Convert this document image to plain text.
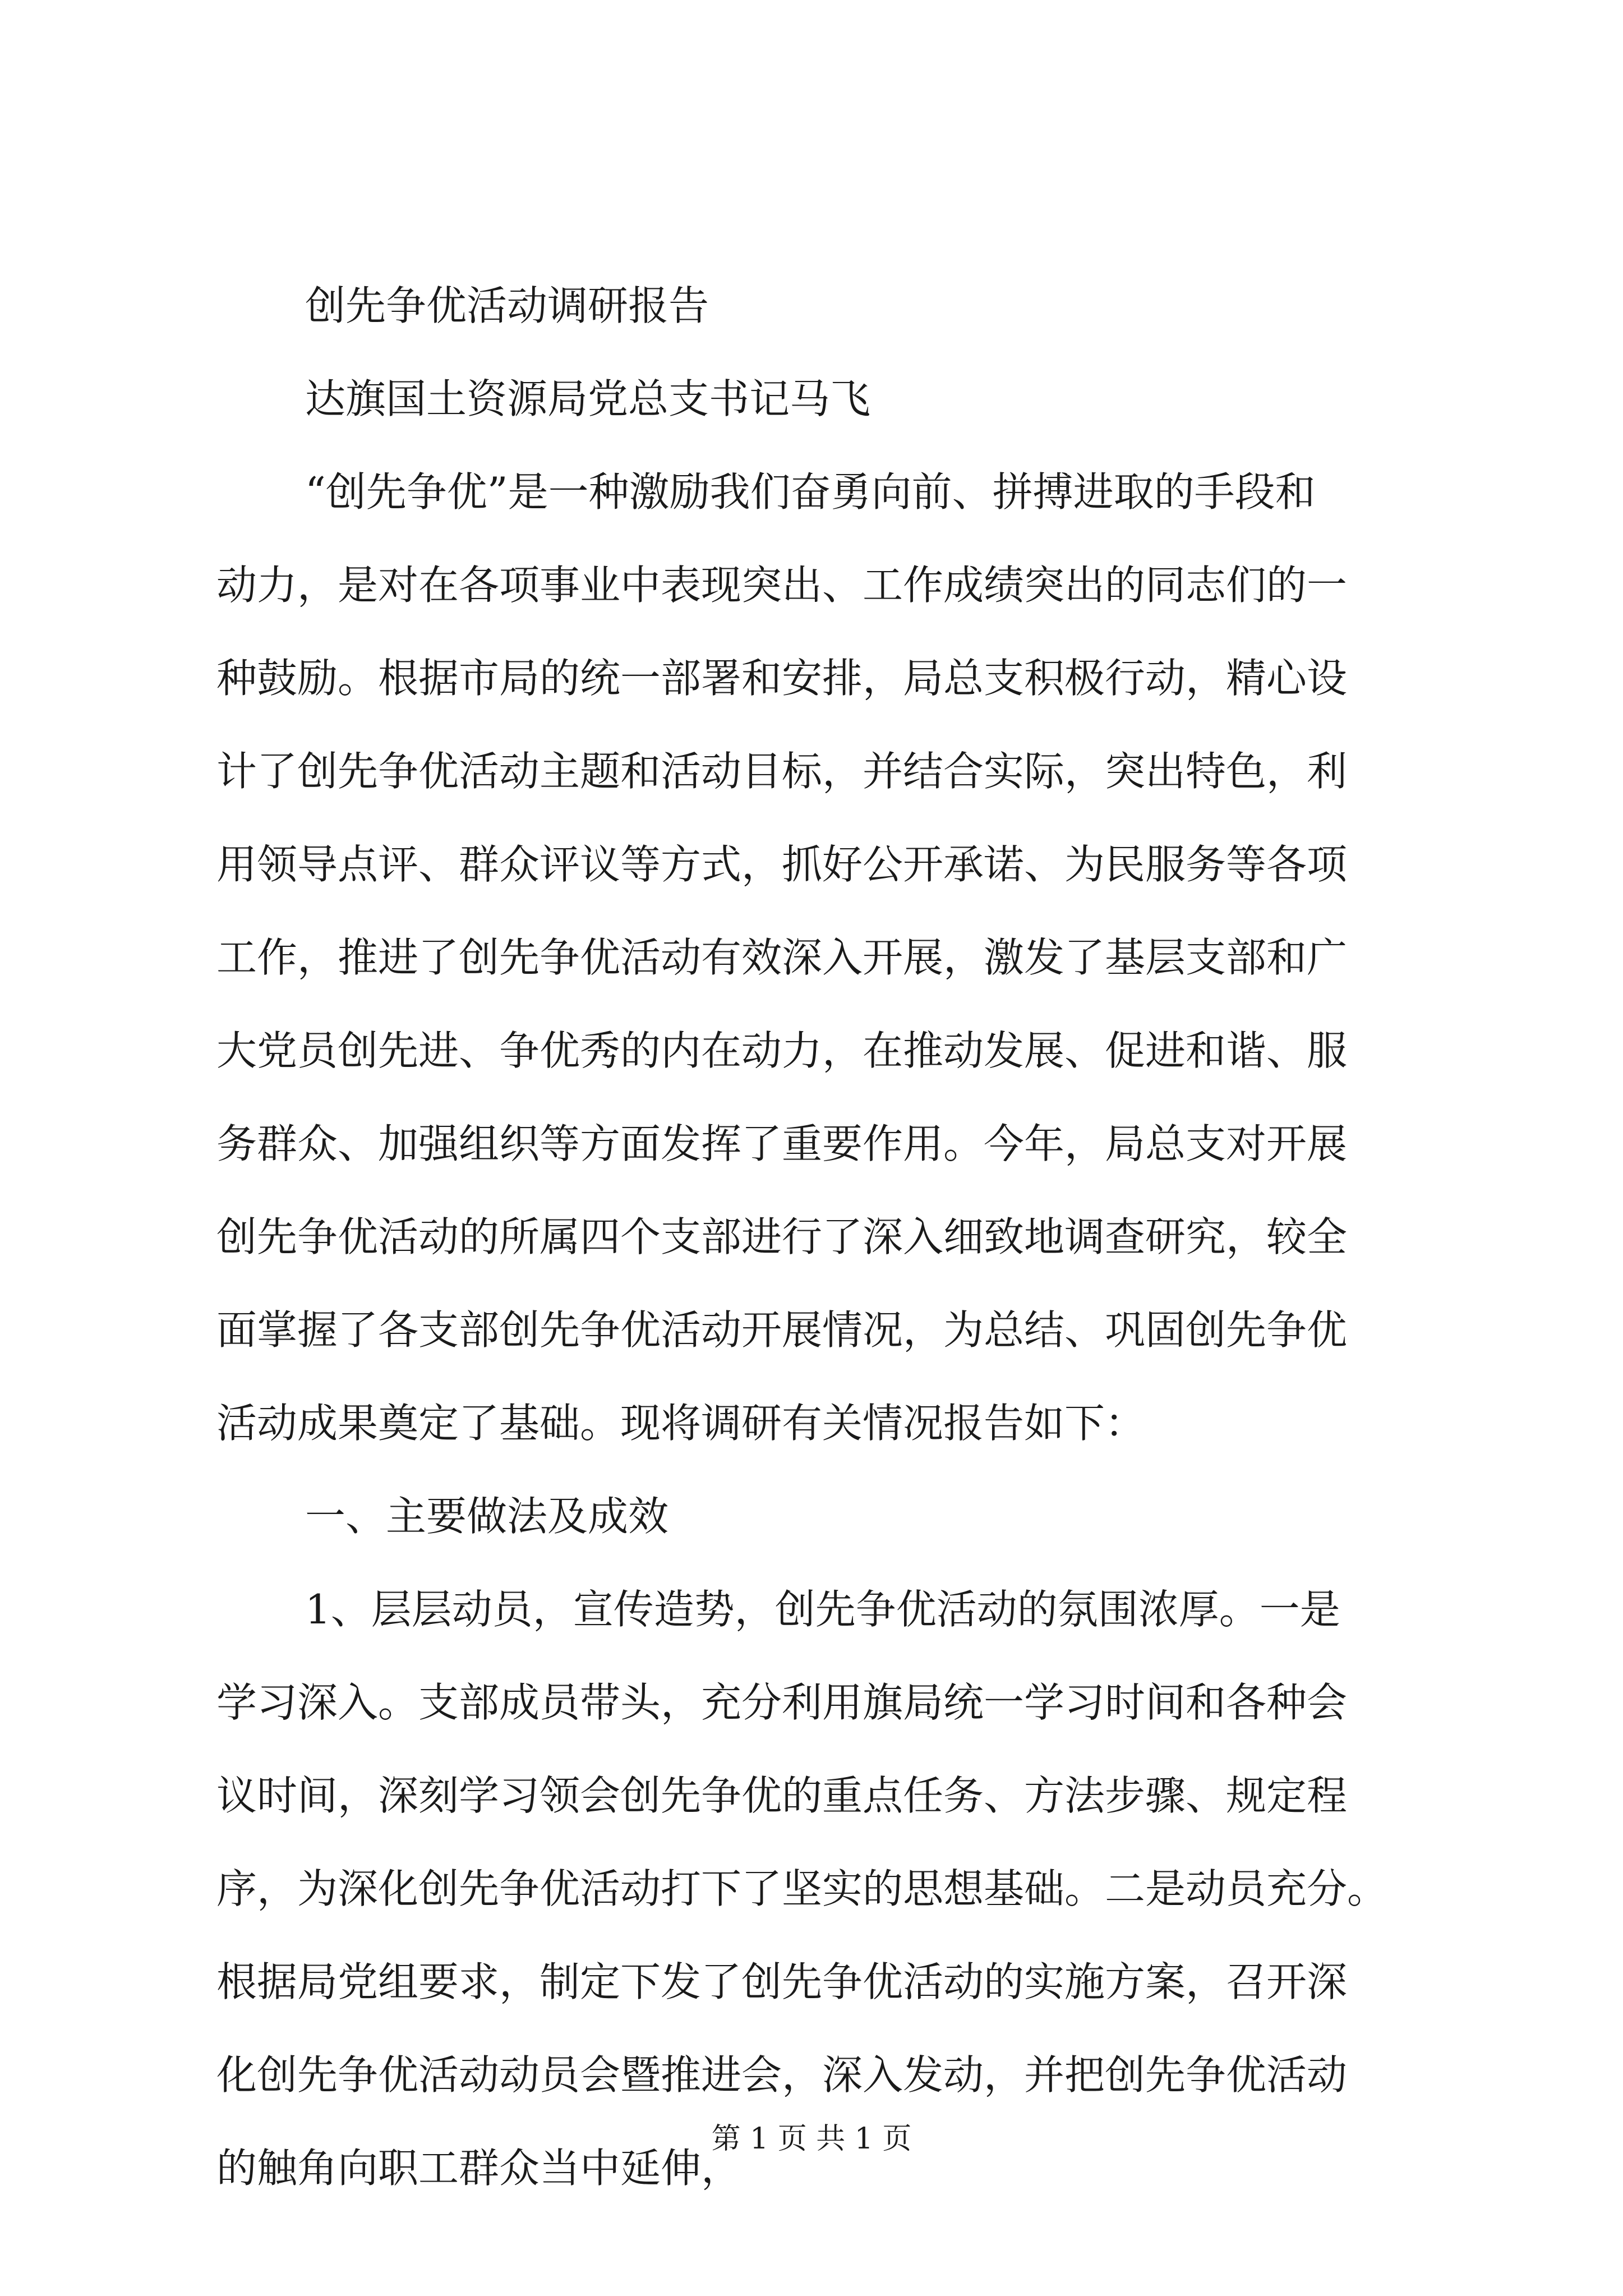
创先争优活动调研报告
达旗国土资源局党总支书记马飞
“创先争优”是一种激励我们奋勇向前、拼搏进取的手段和
动力，是对在各项事业中表现突出、工作成绩突出的同志们的一
种鼓励。根据市局的统一部署和安排，局总支积极行动，精心设
计了创先争优活动主题和活动目标，并结合实际，突出特色，利
用领导点评、群众评议等方式，抓好公开承诺、为民服务等各项
工作，推进了创先争优活动有效深入开展，激发了基层支部和广
大党员创先进、争优秀的内在动力，在推动发展、促进和谐、服
务群众、加强组织等方面发挥了重要作用。今年，局总支对开展
创先争优活动的所属四个支部进行了深入细致地调查研究，较全
面掌握了各支部创先争优活动开展情况，为总结、巩固创先争优
活动成果奠定了基础。现将调研有关情况报告如下：
一、主要做法及成效
1、层层动员，宣传造势，创先争优活动的氛围浓厚。一是
学习深入。支部成员带头，充分利用旗局统一学习时间和各种会
议时间，深刻学习领会创先争优的重点任务、方法步骤、规定程
序，为深化创先争优活动打下了坚实的思想基础。二是动员充分。
根据局党组要求，制定下发了创先争优活动的实施方案，召开深
化创先争优活动动员会暨推进会，深入发动，并把创先争优活动
的触角向职工群众当中延伸，
第 1 页 共 1 页
